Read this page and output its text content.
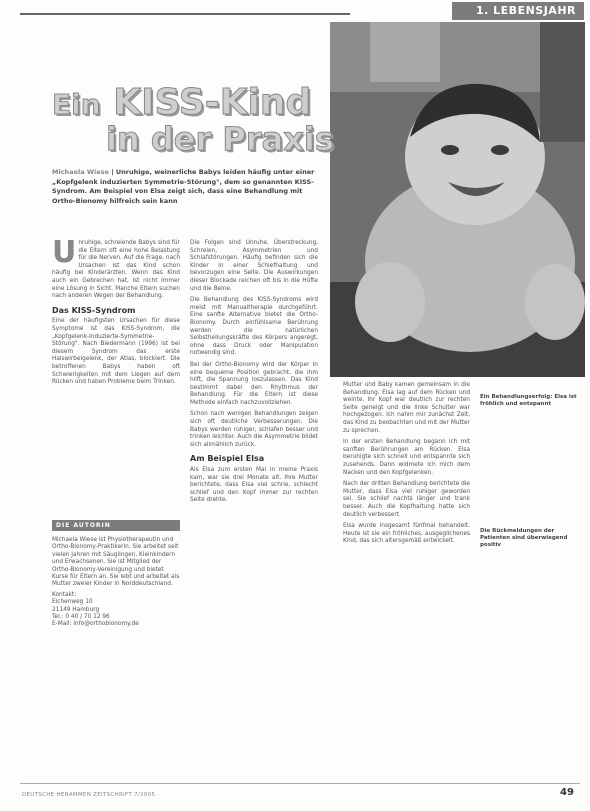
1. LEBENSJAHR
Ein KISS-Kind
in der Praxis
Michaela Wiese | Unruhige, weinerliche Babys leiden häufig unter einer „Kopfgelenk induzierten Symmetrie-Störung", dem so genannten KISS-Syndrom. Am Beispiel von Elsa zeigt sich, dass eine Behandlung mit Ortho-Bionomy hilfreich sein kann

Unruhige, schreiende Babys sind für die Eltern oft eine hohe Belastung für die Nerven. Auf die Frage, nach Ursachen ist das Kind schon häufig bei Kinderärzten. Wenn das Kind auch ein Gebrechen hat, ist nicht immer eine Lösung in Sicht. Manche Eltern suchen nach anderen Wegen der Behandlung.

Das KISS-Syndrom

Eine der häufigsten Ursachen für diese Symptome ist das KISS-Syndrom, die „Kopfgelenk-Induzierte-Symmetrie-Störung". Nach Biedermann (1996) ist bei diesem Syndrom das erste Halswirbelgelenk, der Atlas, blockiert. Die betroffenen Babys haben oft Schwierigkeiten mit dem Liegen auf dem Rücken und haben Probleme beim Trinken.

DIE AUTORIN
Michaela Wiese ist Physiotherapeutin und Ortho-Bionomy-Praktikerin. Sie arbeitet seit vielen Jahren mit Säuglingen, Kleinkindern und Erwachsenen. Sie ist Mitglied der Ortho-Bionomy-Vereinigung und bietet Kurse für Eltern an. Sie lebt und arbeitet als Mutter zweier Kinder in Norddeutschland.
Kontakt:
Eichenweg 10
21149 Hamburg
Tel.: 0 40 / 70 12 96
E-Mail: info@orthobionomy.de

Die Folgen sind Unruhe, Überstreckung, Schreien, Asymmetrien und Schlafstörungen. Häufig befinden sich die Kinder in einer Schiefhaltung und bevorzugen eine Seite. Die Auswirkungen dieser Blockade reichen oft bis in die Hüfte und die Beine.

Die Behandlung des KISS-Syndroms wird meist mit Manualtherapie durchgeführt. Eine sanfte Alternative bietet die Ortho-Bionomy. Durch einfühlsame Berührung werden die natürlichen Selbstheilungskräfte des Körpers angeregt, ohne dass Druck oder Manipulation notwendig sind.

Bei der Ortho-Bionomy wird der Körper in eine bequeme Position gebracht, die ihm hilft, die Spannung loszulassen. Das Kind bestimmt dabei den Rhythmus der Behandlung. Für die Eltern ist diese Methode einfach nachzuvollziehen.

Schon nach wenigen Behandlungen zeigen sich oft deutliche Verbesserungen. Die Babys werden ruhiger, schlafen besser und trinken leichter. Auch die Asymmetrie bildet sich allmählich zurück.

Am Beispiel Elsa

Als Elsa zum ersten Mal in meine Praxis kam, war sie drei Monate alt. Ihre Mutter berichtete, dass Elsa viel schrie, schlecht schlief und den Kopf immer zur rechten Seite drehte.

Mutter und Baby kamen gemeinsam in die Behandlung. Elsa lag auf dem Rücken und weinte. Ihr Kopf war deutlich zur rechten Seite geneigt und die linke Schulter war hochgezogen. Ich nahm mir zunächst Zeit, das Kind zu beobachten und mit der Mutter zu sprechen.

In der ersten Behandlung begann ich mit sanften Berührungen am Rücken. Elsa beruhigte sich schnell und entspannte sich zusehends. Dann widmete ich mich dem Nacken und den Kopfgelenken.

Nach der dritten Behandlung berichtete die Mutter, dass Elsa viel ruhiger geworden sei. Sie schlief nachts länger und trank besser. Auch die Kopfhaltung hatte sich deutlich verbessert.

Elsa wurde insgesamt fünfmal behandelt. Heute ist sie ein fröhliches, ausgeglichenes Kind, das sich altersgemäß entwickelt.

Ein Behandlungserfolg: Elsa ist fröhlich und entspannt
Die Rückmeldungen der Patienten sind überwiegend positiv
DEUTSCHE HEBAMMEN ZEITSCHRIFT 7/2005	49
